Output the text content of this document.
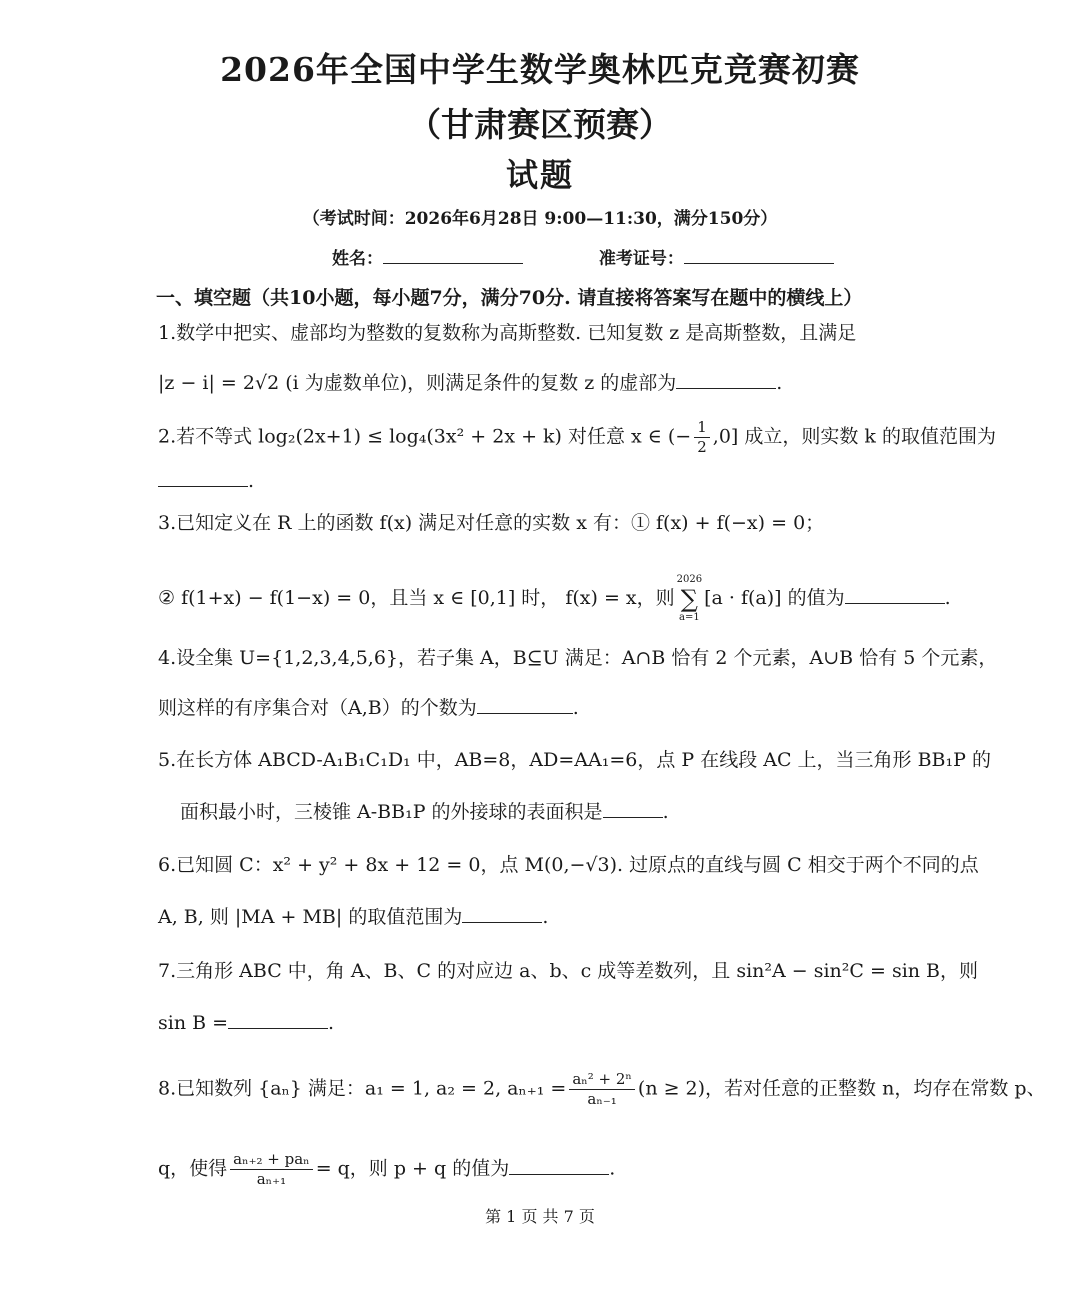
2026年全国中学生数学奥林匹克竞赛初赛
（甘肃赛区预赛）
试题
（考试时间：2026年6月28日 9:00—11:30，满分150分）
姓名：	准考证号：
一、填空题（共10小题，每小题7分，满分70分. 请直接将答案写在题中的横线上）
1.数学中把实、虚部均为整数的复数称为高斯整数. 已知复数 z 是高斯整数，且满足
|z − i| = 2√2 (i 为虚数单位)，则满足条件的复数 z 的虚部为	.
2.若不等式 log₂(2x+1) ≤ log₄(3x² + 2x + k) 对任意 x ∈ (− $\frac{1}{2} ,0$] 成立，则实数 k 的取值范围为
.
3.已知定义在 R 上的函数 f(x) 满足对任意的实数 x 有：① f(x) + f(−x) = 0；
② f(1+x) − f(1−x) = 0，且当 x ∈ [0,1] 时， f(x) = x，则
2026
∑
a=1
[a · f(a)] 的值为	.
4.设全集 U={1,2,3,4,5,6}，若子集 A，B⊆U 满足：A∩B 恰有 2 个元素，A∪B 恰有 5 个元素，
则这样的有序集合对（A,B）的个数为	.
5.在长方体 ABCD-A₁B₁C₁D₁ 中，AB=8，AD=AA₁=6，点 P 在线段 AC 上，当三角形 BB₁P 的
面积最小时，三棱锥 A-BB₁P 的外接球的表面积是	.
6.已知圆 C：x² + y² + 8x + 12 = 0，点 M(0,−√3). 过原点的直线与圆 C 相交于两个不同的点
A, B, 则 |MA + MB| 的取值范围为	.
7.三角形 ABC 中，角 A、B、C 的对应边 a、b、c 成等差数列，且 sin²A − sin²C = sin B，则
sin B =	.
8.已知数列 {aₙ} 满足：a₁ = 1, a₂ = 2, $a_{n+1} = \frac{\text{aₙ² + 2ⁿ}}{\text{aₙ₋₁}} (n \ge 2)$，若对任意的正整数 n，均存在常数 p、
q，使得 $\frac{\text{aₙ₊₂ + paₙ}}{\text{aₙ₊₁}} = q$，则 p + q 的值为	.
第 1 页 共 7 页
